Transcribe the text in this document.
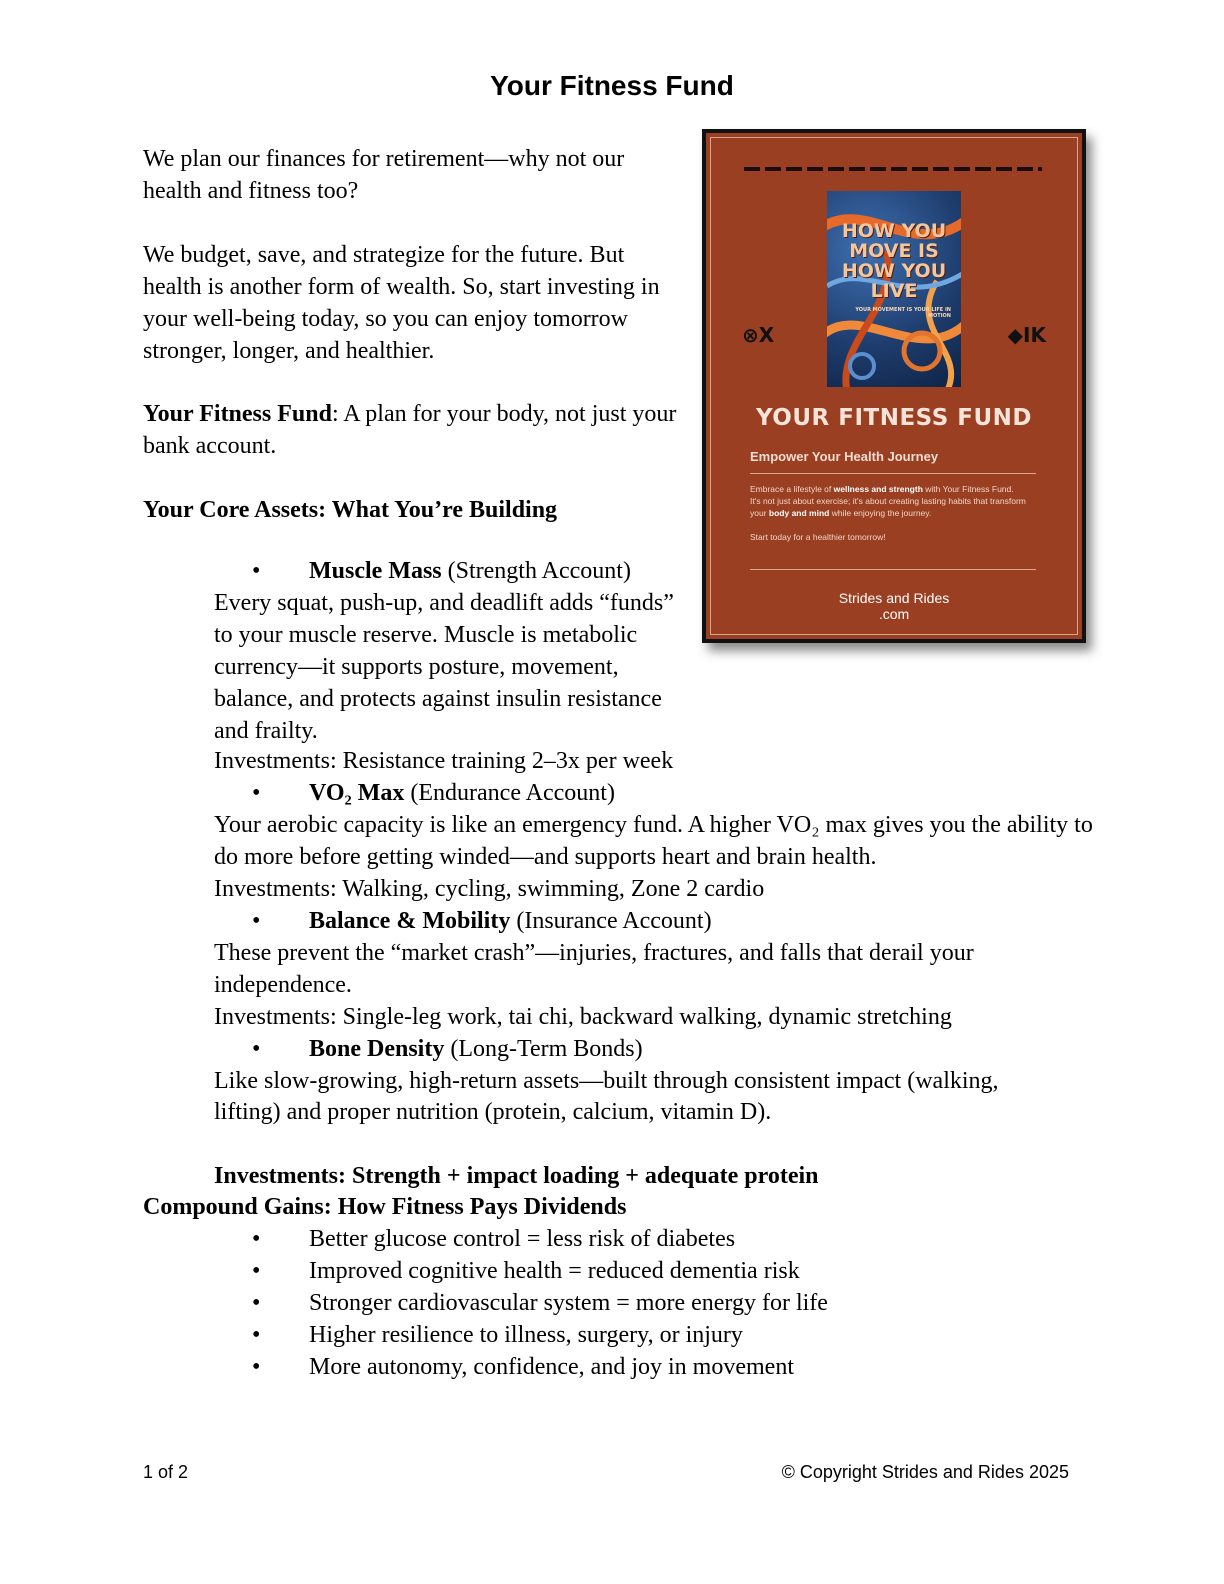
Your Fitness Fund

We plan our finances for retirement—why not our health and fitness too?

We budget, save, and strategize for the future. But health is another form of wealth. So, start investing in your well-being today, so you can enjoy tomorrow stronger, longer, and healthier.

Your Fitness Fund: A plan for your body, not just your bank account.

Your Core Assets: What You’re Building

HOW YOU MOVE IS HOW YOU LIVE
YOUR MOVEMENT IS YOUR LIFE IN MOTION
⊗X	◆IK
YOUR FITNESS FUND
Empower Your Health Journey

Embrace a lifestyle of wellness and strength with Your Fitness Fund.

It's not just about exercise; it's about creating lasting habits that transform your body and mind while enjoying the journey.

Start today for a healthier tomorrow!

Strides and Rides
.com

• Muscle Mass (Strength Account)

Every squat, push-up, and deadlift adds “funds” to your muscle reserve. Muscle is metabolic currency—it supports posture, movement, balance, and protects against insulin resistance and frailty.

Investments: Resistance training 2–3x per week

• VO₂ Max (Endurance Account)

Your aerobic capacity is like an emergency fund. A higher VO₂ max gives you the ability to do more before getting winded—and supports heart and brain health.

Investments: Walking, cycling, swimming, Zone 2 cardio

• Balance & Mobility (Insurance Account)

These prevent the “market crash”—injuries, fractures, and falls that derail your independence.

Investments: Single-leg work, tai chi, backward walking, dynamic stretching

• Bone Density (Long-Term Bonds)

Like slow-growing, high-return assets—built through consistent impact (walking, lifting) and proper nutrition (protein, calcium, vitamin D).

Investments: Strength + impact loading + adequate protein

Compound Gains: How Fitness Pays Dividends

• Better glucose control = less risk of diabetes
• Improved cognitive health = reduced dementia risk
• Stronger cardiovascular system = more energy for life
• Higher resilience to illness, surgery, or injury
• More autonomy, confidence, and joy in movement
1 of 2	© Copyright Strides and Rides 2025
